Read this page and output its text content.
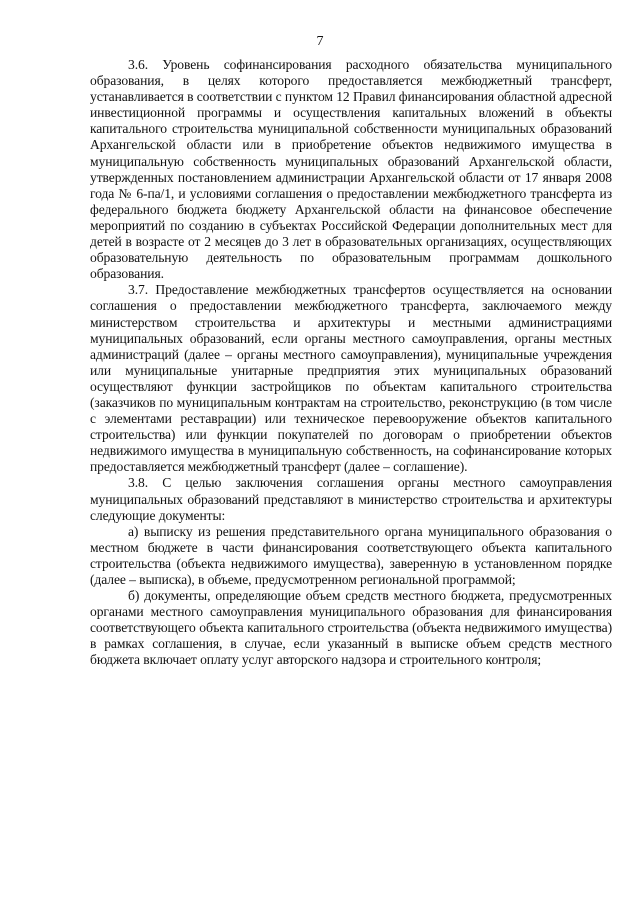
7

3.6. Уровень софинансирования расходного обязательства муниципального образования, в целях которого предоставляется межбюджетный трансферт, устанавливается в соответствии с пунктом 12 Правил финансирования областной адресной инвестиционной программы и осуществления капитальных вложений в объекты капитального строительства муниципальной собственности муниципальных образований Архангельской области или в приобретение объектов недвижимого имущества в муниципальную собственность муниципальных образований Архангельской области, утвержденных постановлением администрации Архангельской области от 17 января 2008 года № 6-па/1, и условиями соглашения о предоставлении межбюджетного трансферта из федерального бюджета бюджету Архангельской области на финансовое обеспечение мероприятий по созданию в субъектах Российской Федерации дополнительных мест для детей в возрасте от 2 месяцев до 3 лет в образовательных организациях, осуществляющих образовательную деятельность по образовательным программам дошкольного образования.

3.7. Предоставление межбюджетных трансфертов осуществляется на основании соглашения о предоставлении межбюджетного трансферта, заключаемого между министерством строительства и архитектуры и местными администрациями муниципальных образований, если органы местного самоуправления, органы местных администраций (далее – органы местного самоуправления), муниципальные учреждения или муниципальные унитарные предприятия этих муниципальных образований осуществляют функции застройщиков по объектам капитального строительства (заказчиков по муниципальным контрактам на строительство, реконструкцию (в том числе с элементами реставрации) или техническое перевооружение объектов капитального строительства) или функции покупателей по договорам о приобретении объектов недвижимого имущества в муниципальную собственность, на софинансирование которых предоставляется межбюджетный трансферт (далее – соглашение).

3.8. С целью заключения соглашения органы местного самоуправления муниципальных образований представляют в министерство строительства и архитектуры следующие документы:

а) выписку из решения представительного органа муниципального образования о местном бюджете в части финансирования соответствующего объекта капитального строительства (объекта недвижимого имущества), заверенную в установленном порядке (далее – выписка), в объеме, предусмотренном региональной программой;

б) документы, определяющие объем средств местного бюджета, предусмотренных органами местного самоуправления муниципального образования для финансирования соответствующего объекта капитального строительства (объекта недвижимого имущества) в рамках соглашения, в случае, если указанный в выписке объем средств местного бюджета включает оплату услуг авторского надзора и строительного контроля;
